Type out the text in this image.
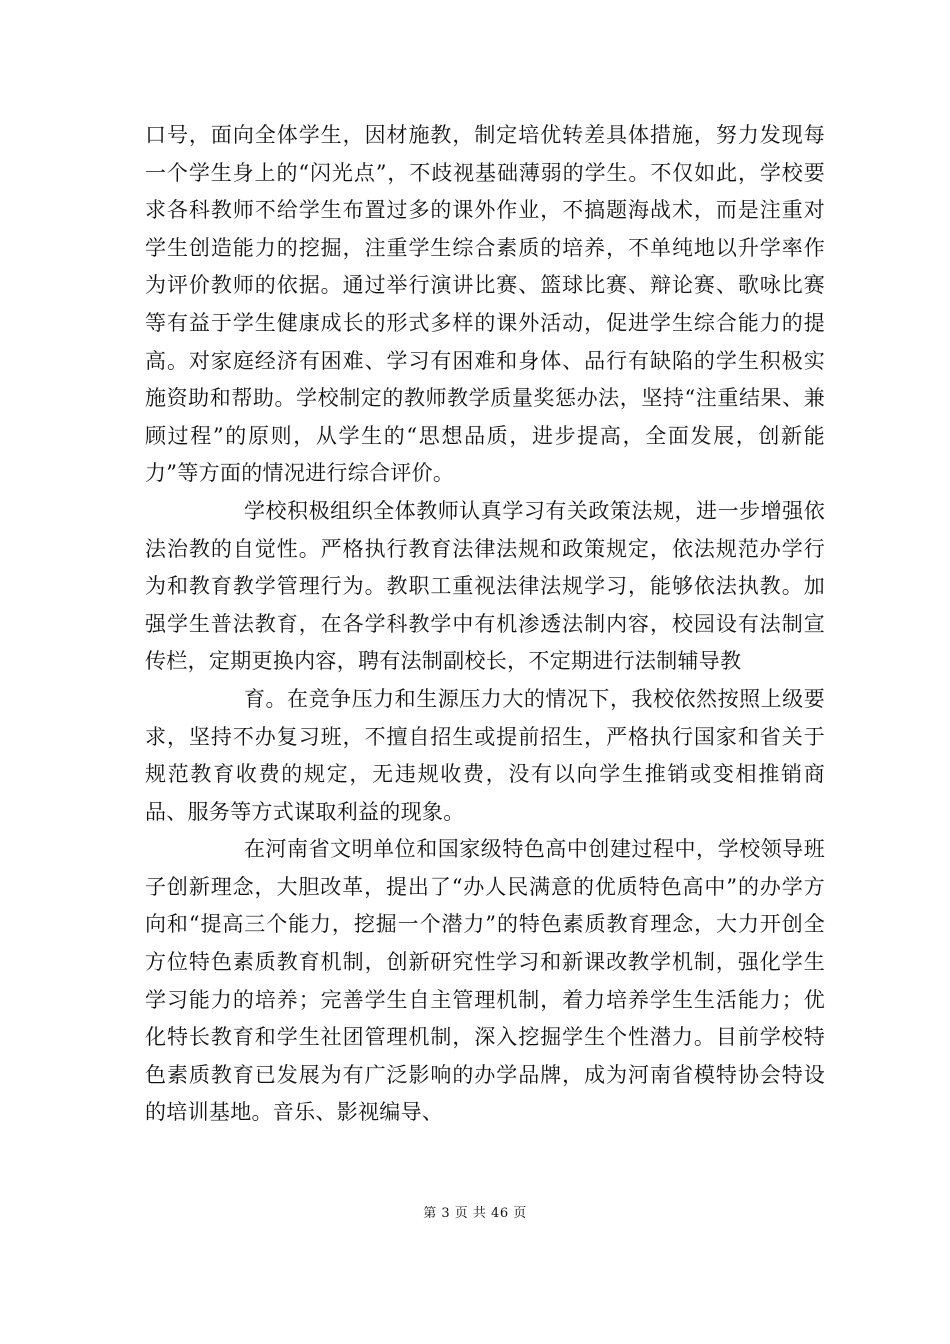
口号，面向全体学生，因材施教，制定培优转差具体措施，努力发现每一个学生身上的“闪光点”，不歧视基础薄弱的学生。不仅如此，学校要求各科教师不给学生布置过多的课外作业，不搞题海战术，而是注重对学生创造能力的挖掘，注重学生综合素质的培养，不单纯地以升学率作为评价教师的依据。通过举行演讲比赛、篮球比赛、辩论赛、歌咏比赛等有益于学生健康成长的形式多样的课外活动，促进学生综合能力的提高。对家庭经济有困难、学习有困难和身体、品行有缺陷的学生积极实施资助和帮助。学校制定的教师教学质量奖惩办法，坚持“注重结果、兼顾过程”的原则，从学生的“思想品质，进步提高，全面发展，创新能力”等方面的情况进行综合评价。

学校积极组织全体教师认真学习有关政策法规，进一步增强依法治教的自觉性。严格执行教育法律法规和政策规定，依法规范办学行为和教育教学管理行为。教职工重视法律法规学习，能够依法执教。加强学生普法教育，在各学科教学中有机渗透法制内容，校园设有法制宣传栏，定期更换内容，聘有法制副校长，不定期进行法制辅导教

育。在竞争压力和生源压力大的情况下，我校依然按照上级要求，坚持不办复习班，不擅自招生或提前招生，严格执行国家和省关于规范教育收费的规定，无违规收费，没有以向学生推销或变相推销商品、服务等方式谋取利益的现象。

在河南省文明单位和国家级特色高中创建过程中，学校领导班子创新理念，大胆改革，提出了“办人民满意的优质特色高中”的办学方向和“提高三个能力，挖掘一个潜力”的特色素质教育理念，大力开创全方位特色素质教育机制，创新研究性学习和新课改教学机制，强化学生学习能力的培养；完善学生自主管理机制，着力培养学生生活能力；优化特长教育和学生社团管理机制，深入挖掘学生个性潜力。目前学校特色素质教育已发展为有广泛影响的办学品牌，成为河南省模特协会特设的培训基地。音乐、影视编导、

第 3 页 共 46 页
